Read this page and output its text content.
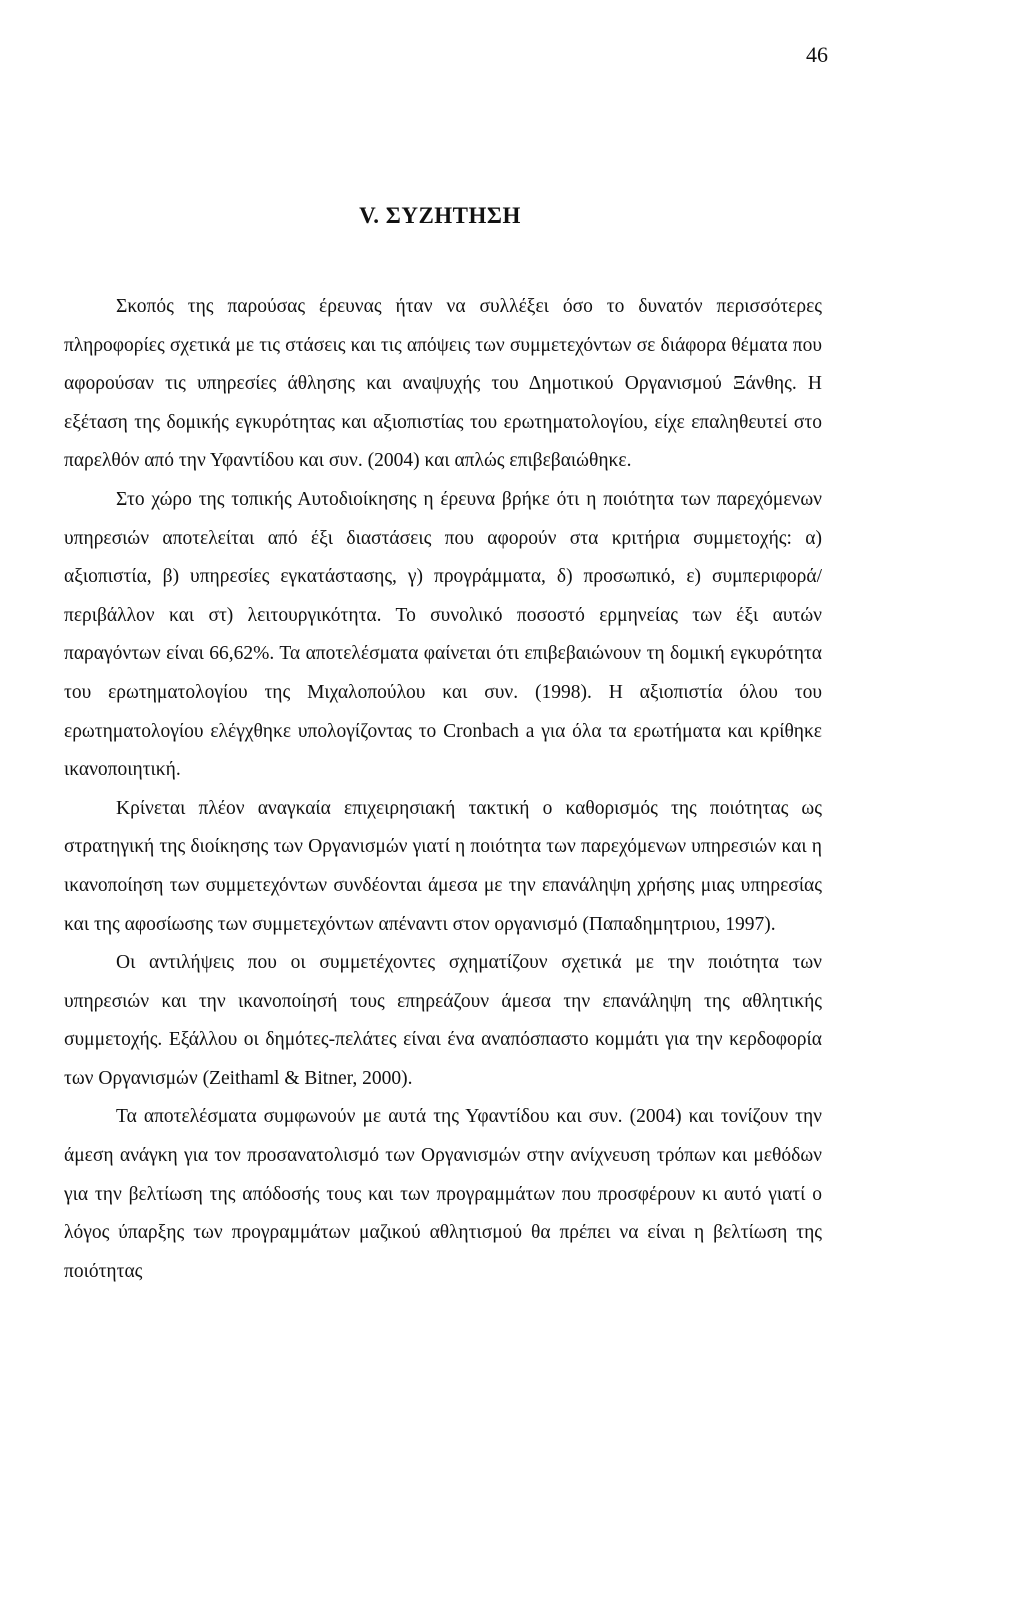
46
V. ΣΥΖΗΤΗΣΗ

Σκοπός της παρούσας έρευνας ήταν να συλλέξει όσο το δυνατόν περισσότερες πληροφορίες σχετικά με τις στάσεις και τις απόψεις των συμμετεχόντων σε διάφορα θέματα που αφορούσαν τις υπηρεσίες άθλησης και αναψυχής του Δημοτικού Οργανισμού Ξάνθης. Η εξέταση της δομικής εγκυρότητας και αξιοπιστίας του ερωτηματολογίου, είχε επαληθευτεί στο παρελθόν από την Υφαντίδου και συν. (2004) και απλώς επιβεβαιώθηκε.

Στο χώρο της τοπικής Αυτοδιοίκησης η έρευνα βρήκε ότι η ποιότητα των παρεχόμενων υπηρεσιών αποτελείται από έξι διαστάσεις που αφορούν στα κριτήρια συμμετοχής: α) αξιοπιστία, β) υπηρεσίες εγκατάστασης, γ) προγράμματα, δ) προσωπικό, ε) συμπεριφορά/ περιβάλλον και στ) λειτουργικότητα. Το συνολικό ποσοστό ερμηνείας των έξι αυτών παραγόντων είναι 66,62%. Τα αποτελέσματα φαίνεται ότι επιβεβαιώνουν τη δομική εγκυρότητα του ερωτηματολογίου της Μιχαλοπούλου και συν. (1998). Η αξιοπιστία όλου του ερωτηματολογίου ελέγχθηκε υπολογίζοντας το Cronbach a για όλα τα ερωτήματα και κρίθηκε ικανοποιητική.

Κρίνεται πλέον αναγκαία επιχειρησιακή τακτική ο καθορισμός της ποιότητας ως στρατηγική της διοίκησης των Οργανισμών γιατί η ποιότητα των παρεχόμενων υπηρεσιών και η ικανοποίηση των συμμετεχόντων συνδέονται άμεσα με την επανάληψη χρήσης μιας υπηρεσίας και της αφοσίωσης των συμμετεχόντων απέναντι στον οργανισμό (Παπαδημητριου, 1997).

Οι αντιλήψεις που οι συμμετέχοντες σχηματίζουν σχετικά με την ποιότητα των υπηρεσιών και την ικανοποίησή τους επηρεάζουν άμεσα την επανάληψη της αθλητικής συμμετοχής. Εξάλλου οι δημότες-πελάτες είναι ένα αναπόσπαστο κομμάτι για την κερδοφορία των Οργανισμών (Zeithaml & Bitner, 2000).

Τα αποτελέσματα συμφωνούν με αυτά της Υφαντίδου και συν. (2004) και τονίζουν την άμεση ανάγκη για τον προσανατολισμό των Οργανισμών στην ανίχνευση τρόπων και μεθόδων για την βελτίωση της απόδοσής τους και των προγραμμάτων που προσφέρουν κι αυτό γιατί ο λόγος ύπαρξης των προγραμμάτων μαζικού αθλητισμού θα πρέπει να είναι η βελτίωση της ποιότητας
